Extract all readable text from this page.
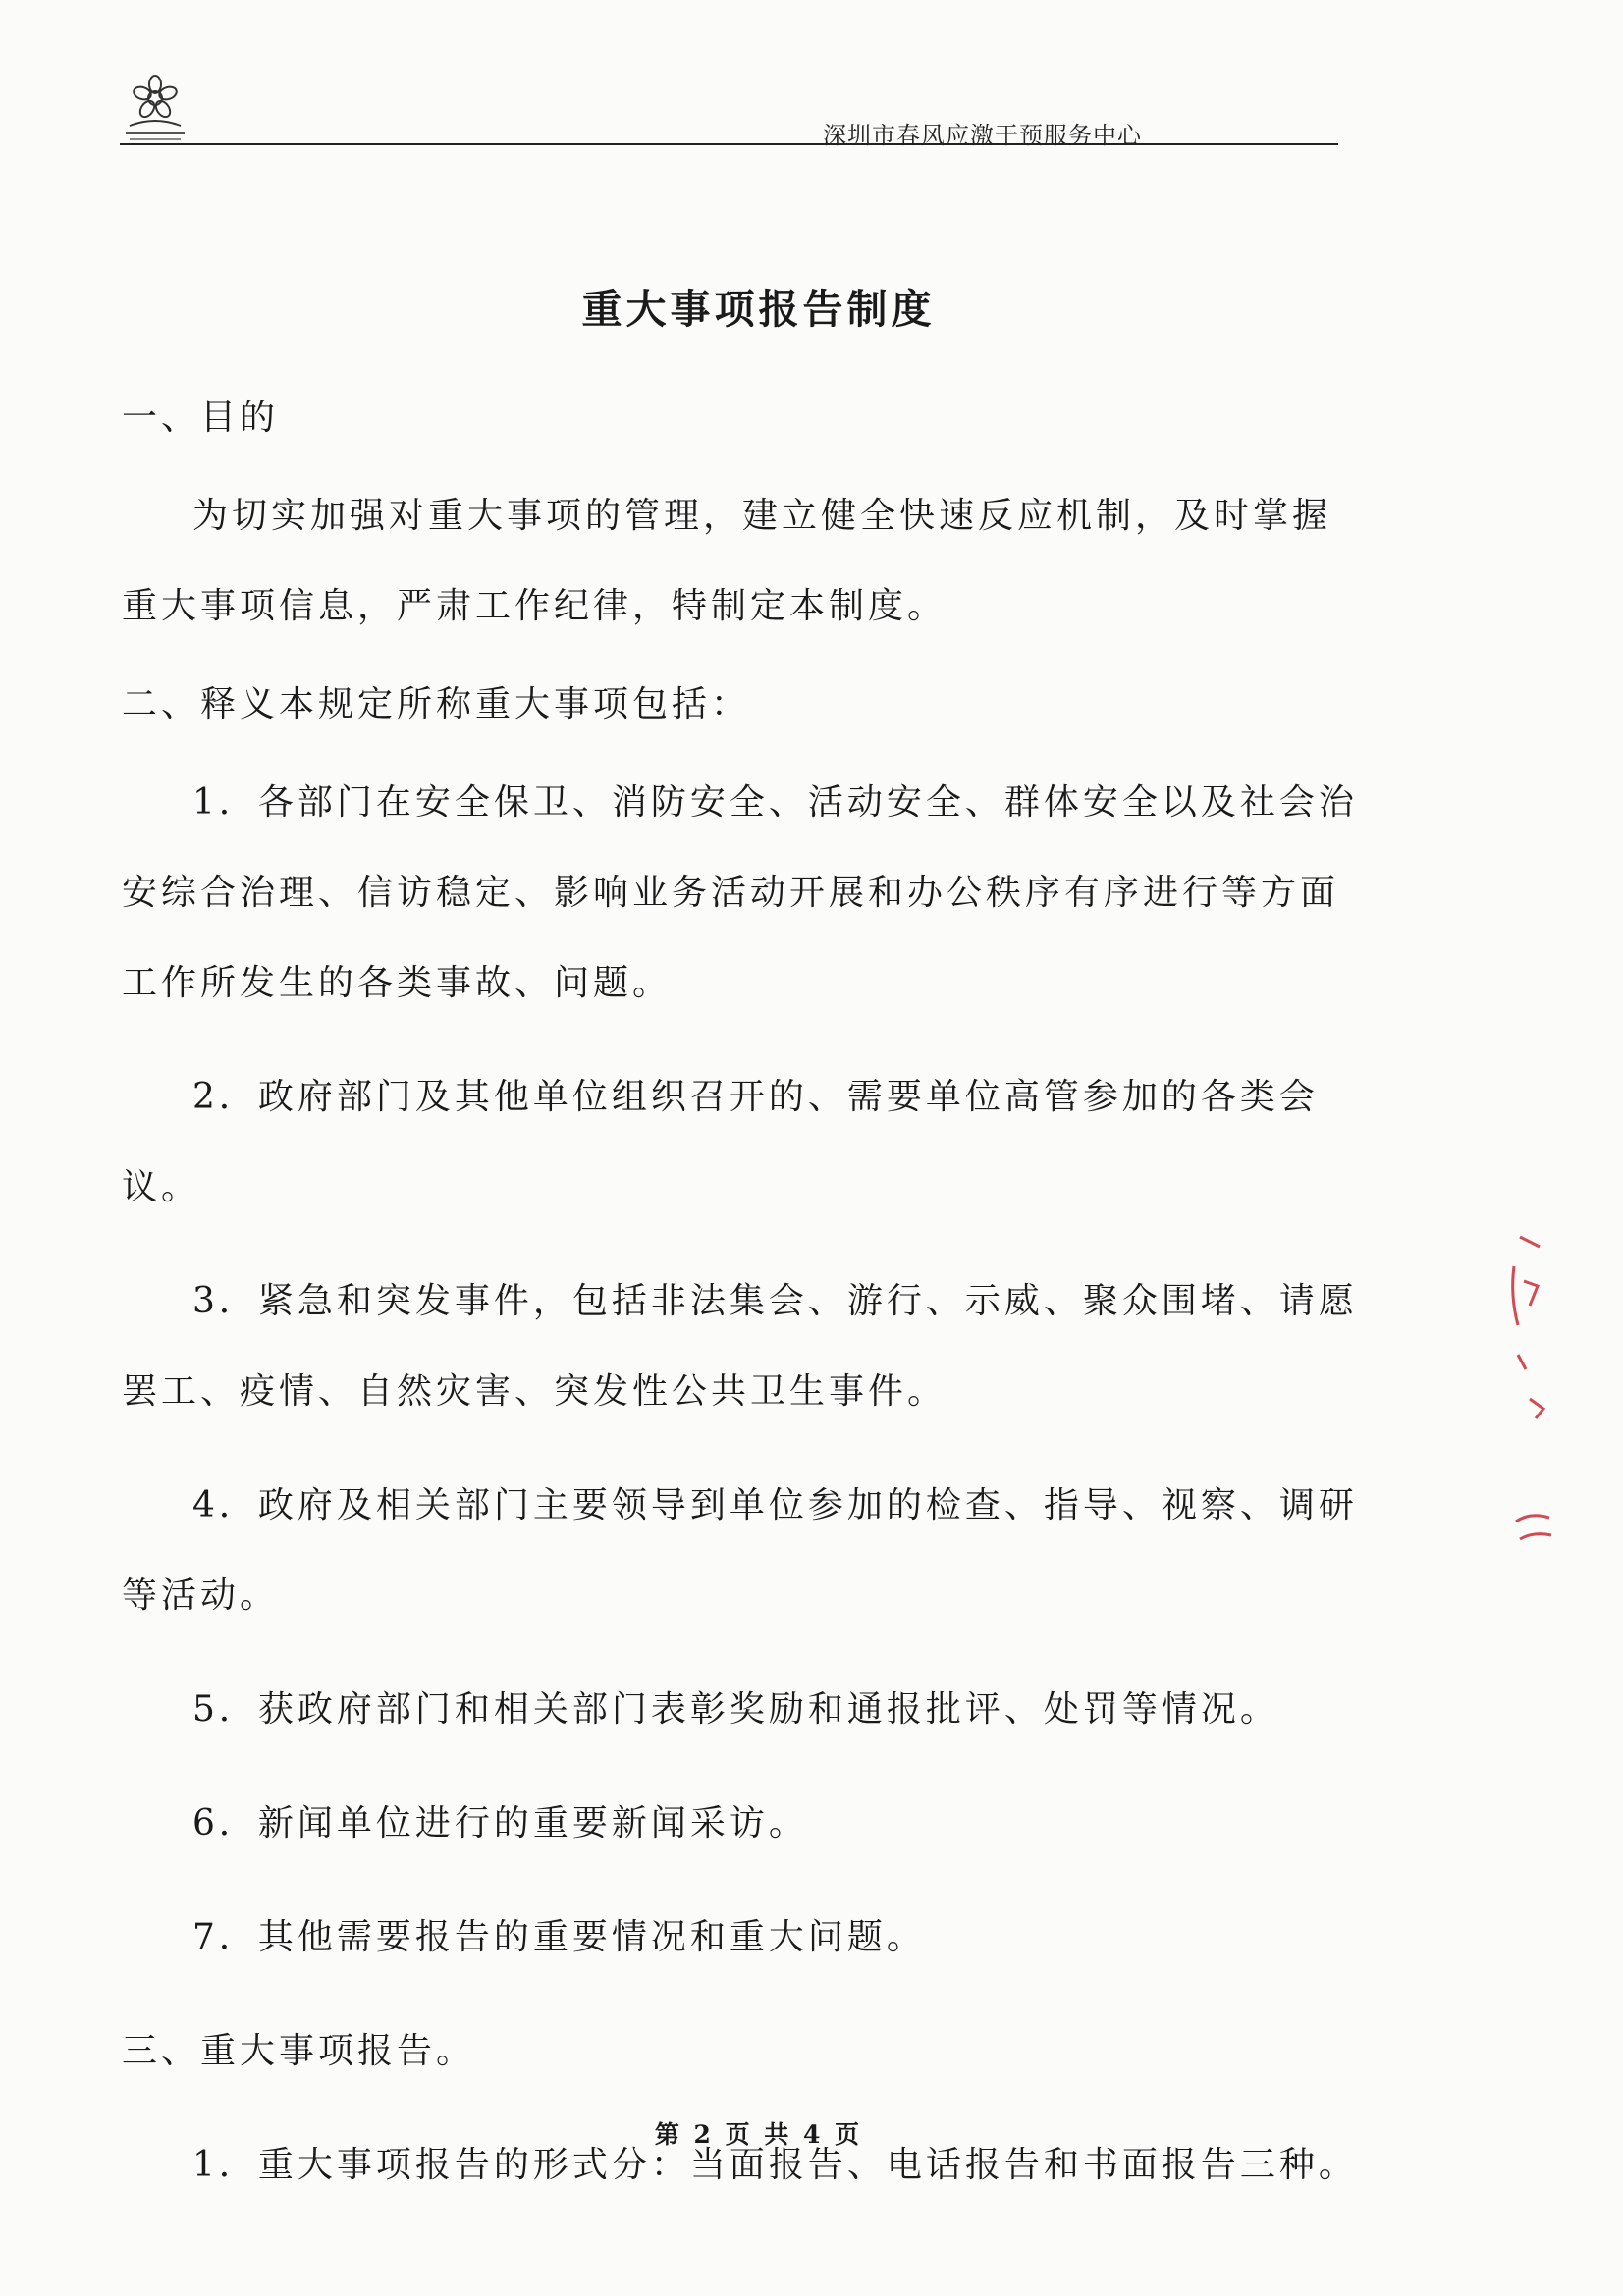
深圳市春风应激干预服务中心
重大事项报告制度

一、目的

为切实加强对重大事项的管理，建立健全快速反应机制，及时掌握重大事项信息，严肃工作纪律，特制定本制度。

二、释义本规定所称重大事项包括：

1．各部门在安全保卫、消防安全、活动安全、群体安全以及社会治安综合治理、信访稳定、影响业务活动开展和办公秩序有序进行等方面工作所发生的各类事故、问题。

2．政府部门及其他单位组织召开的、需要单位高管参加的各类会议。

3．紧急和突发事件，包括非法集会、游行、示威、聚众围堵、请愿罢工、疫情、自然灾害、突发性公共卫生事件。

4．政府及相关部门主要领导到单位参加的检查、指导、视察、调研等活动。

5．获政府部门和相关部门表彰奖励和通报批评、处罚等情况。

6．新闻单位进行的重要新闻采访。

7．其他需要报告的重要情况和重大问题。

三、重大事项报告。

1．重大事项报告的形式分：当面报告、电话报告和书面报告三种。

第 2 页 共 4 页
